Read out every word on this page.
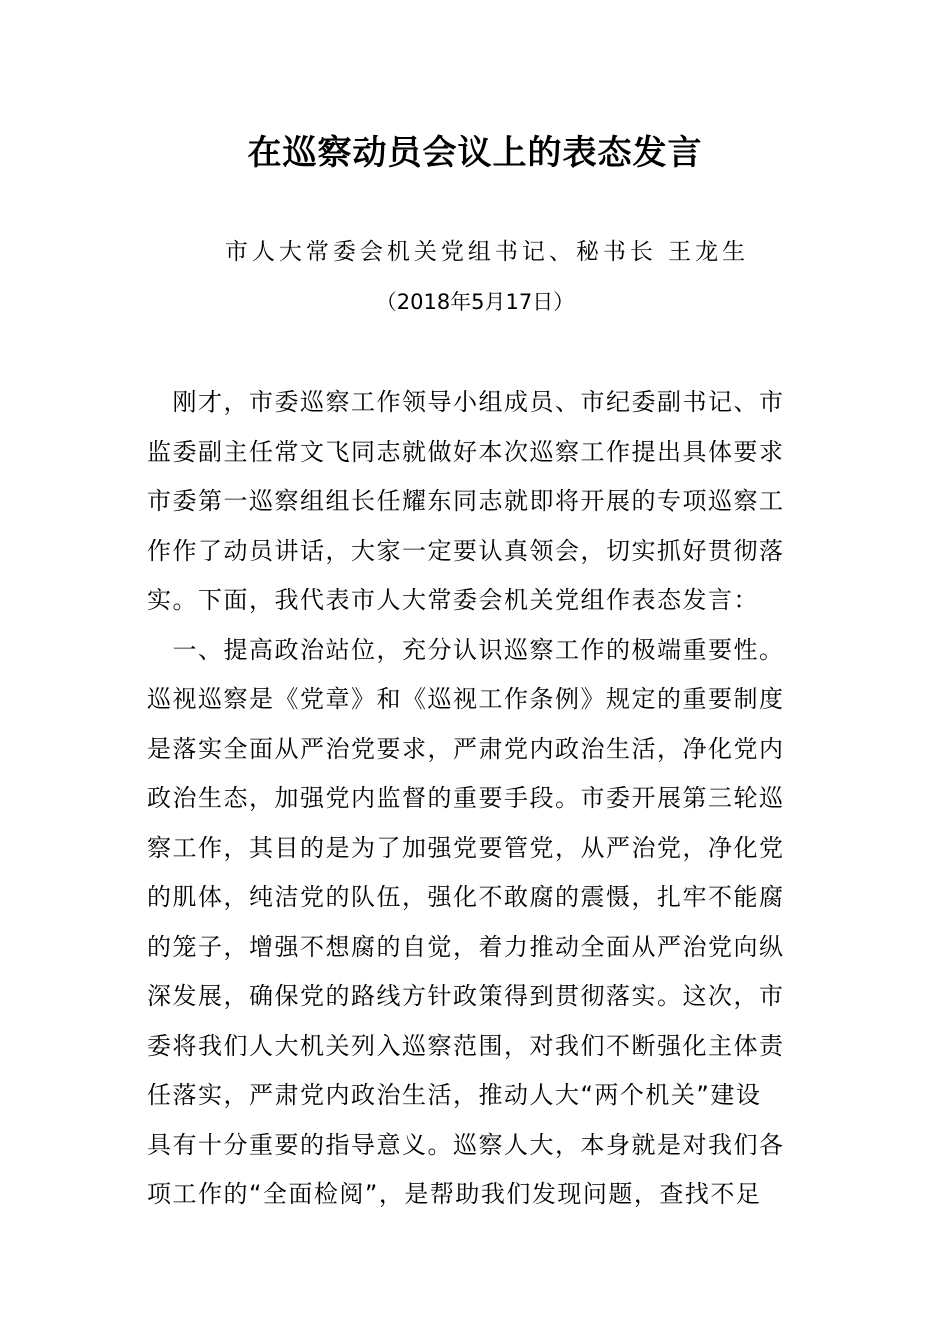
在巡察动员会议上的表态发言
市人大常委会机关党组书记、秘书长 王龙生
（2018年5月17日）
　刚才，市委巡察工作领导小组成员、市纪委副书记、市
监委副主任常文飞同志就做好本次巡察工作提出具体要求
市委第一巡察组组长任耀东同志就即将开展的专项巡察工
作作了动员讲话，大家一定要认真领会，切实抓好贯彻落
实。下面，我代表市人大常委会机关党组作表态发言：
　一、提高政治站位，充分认识巡察工作的极端重要性。
巡视巡察是《党章》和《巡视工作条例》规定的重要制度
是落实全面从严治党要求，严肃党内政治生活，净化党内
政治生态，加强党内监督的重要手段。市委开展第三轮巡
察工作，其目的是为了加强党要管党，从严治党，净化党
的肌体，纯洁党的队伍，强化不敢腐的震慑，扎牢不能腐
的笼子，增强不想腐的自觉，着力推动全面从严治党向纵
深发展，确保党的路线方针政策得到贯彻落实。这次，市
委将我们人大机关列入巡察范围，对我们不断强化主体责
任落实，严肃党内政治生活，推动人大“两个机关”建设
具有十分重要的指导意义。巡察人大，本身就是对我们各
项工作的“全面检阅”，是帮助我们发现问题，查找不足
